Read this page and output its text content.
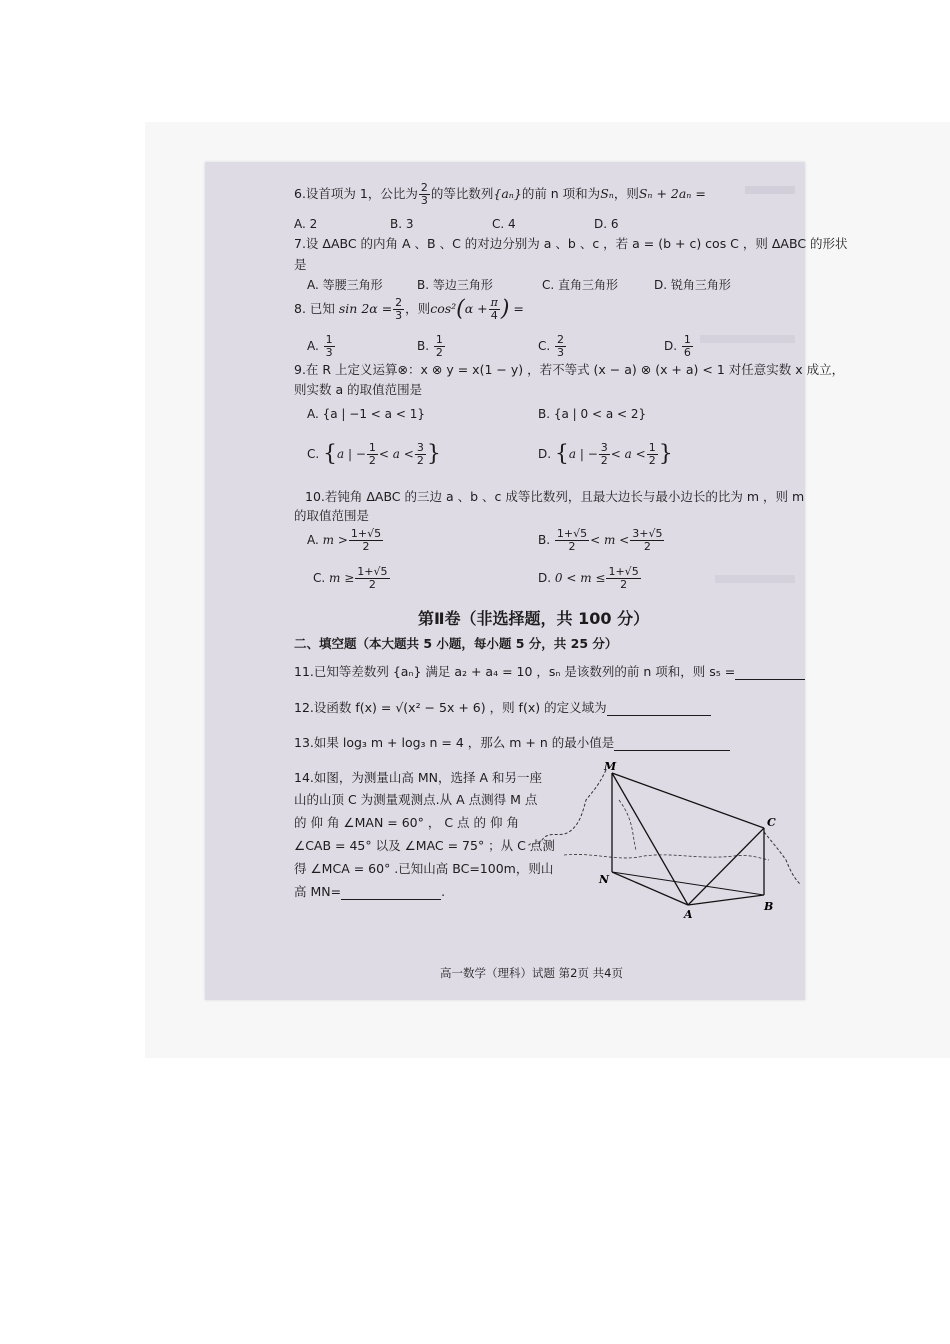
6.设首项为 1，公比为 $\frac{2}{3}$ 的等比数列{aₙ}的前 n 项和为Sₙ，则Sₙ + 2aₙ =
A. 2	B. 3	C. 4	D. 6
7.设 ΔABC 的内角 A 、B 、C 的对边分别为 a 、b 、c ，若 a = (b + c) cos C ，则 ΔABC 的形状
是
A. 等腰三角形	B. 等边三角形	C. 直角三角形	D. 锐角三角形
8. 已知 $\sin 2\alpha = \frac{2}{3}$ ，则$\cos^2(\alpha + \frac{\pi}{4}$ ) =
A. $\frac{1}{3}$	B. $\frac{1}{2}$	C. $\frac{2}{3}$	D. $\frac{1}{6}$
9.在 R 上定义运算⊗：x ⊗ y = x(1 − y) ，若不等式 (x − a) ⊗ (x + a) < 1 对任意实数 x 成立，
则实数 a 的取值范围是
A. {a | −1 < a < 1}	B. {a | 0 < a < 2}
C. {a | − $\frac{1}{2} < a < \frac{3}{2}$ }	D. {a | − $\frac{3}{2} < a < \frac{1}{2}$ }
10.若钝角 ΔABC 的三边 a 、b 、c 成等比数列，且最大边长与最小边长的比为 m ，则 m
的取值范围是
A. $m > \frac{1+√5}{2}$	B. $\frac{1+√5}{2} < m < \frac{3+√5}{2}$
C. $m \ge \frac{1+√5}{2}$	D. $0 < m \le \frac{1+√5}{2}$
第Ⅱ卷（非选择题，共 100 分）
二、填空题（本大题共 5 小题，每小题 5 分，共 25 分）
11.已知等差数列 {aₙ} 满足 a₂ + a₄ = 10 ，sₙ 是该数列的前 n 项和，则 s₅ =
12.设函数 f(x) = √(x² − 5x + 6) ，则 f(x) 的定义域为
13.如果 log₃ m + log₃ n = 4 ，那么 m + n 的最小值是
14.如图，为测量山高 MN，选择 A 和另一座
山的山顶 C 为测量观测点.从 A 点测得 M 点
的 仰 角 ∠MAN = 60° ， C 点 的 仰 角
∠CAB = 45° 以及 ∠MAC = 75° ；从 C 点测
得 ∠MCA = 60° .已知山高 BC=100m，则山
高 MN=	.
M
C
N
A
B
高一数学（理科）试题 第2页 共4页
